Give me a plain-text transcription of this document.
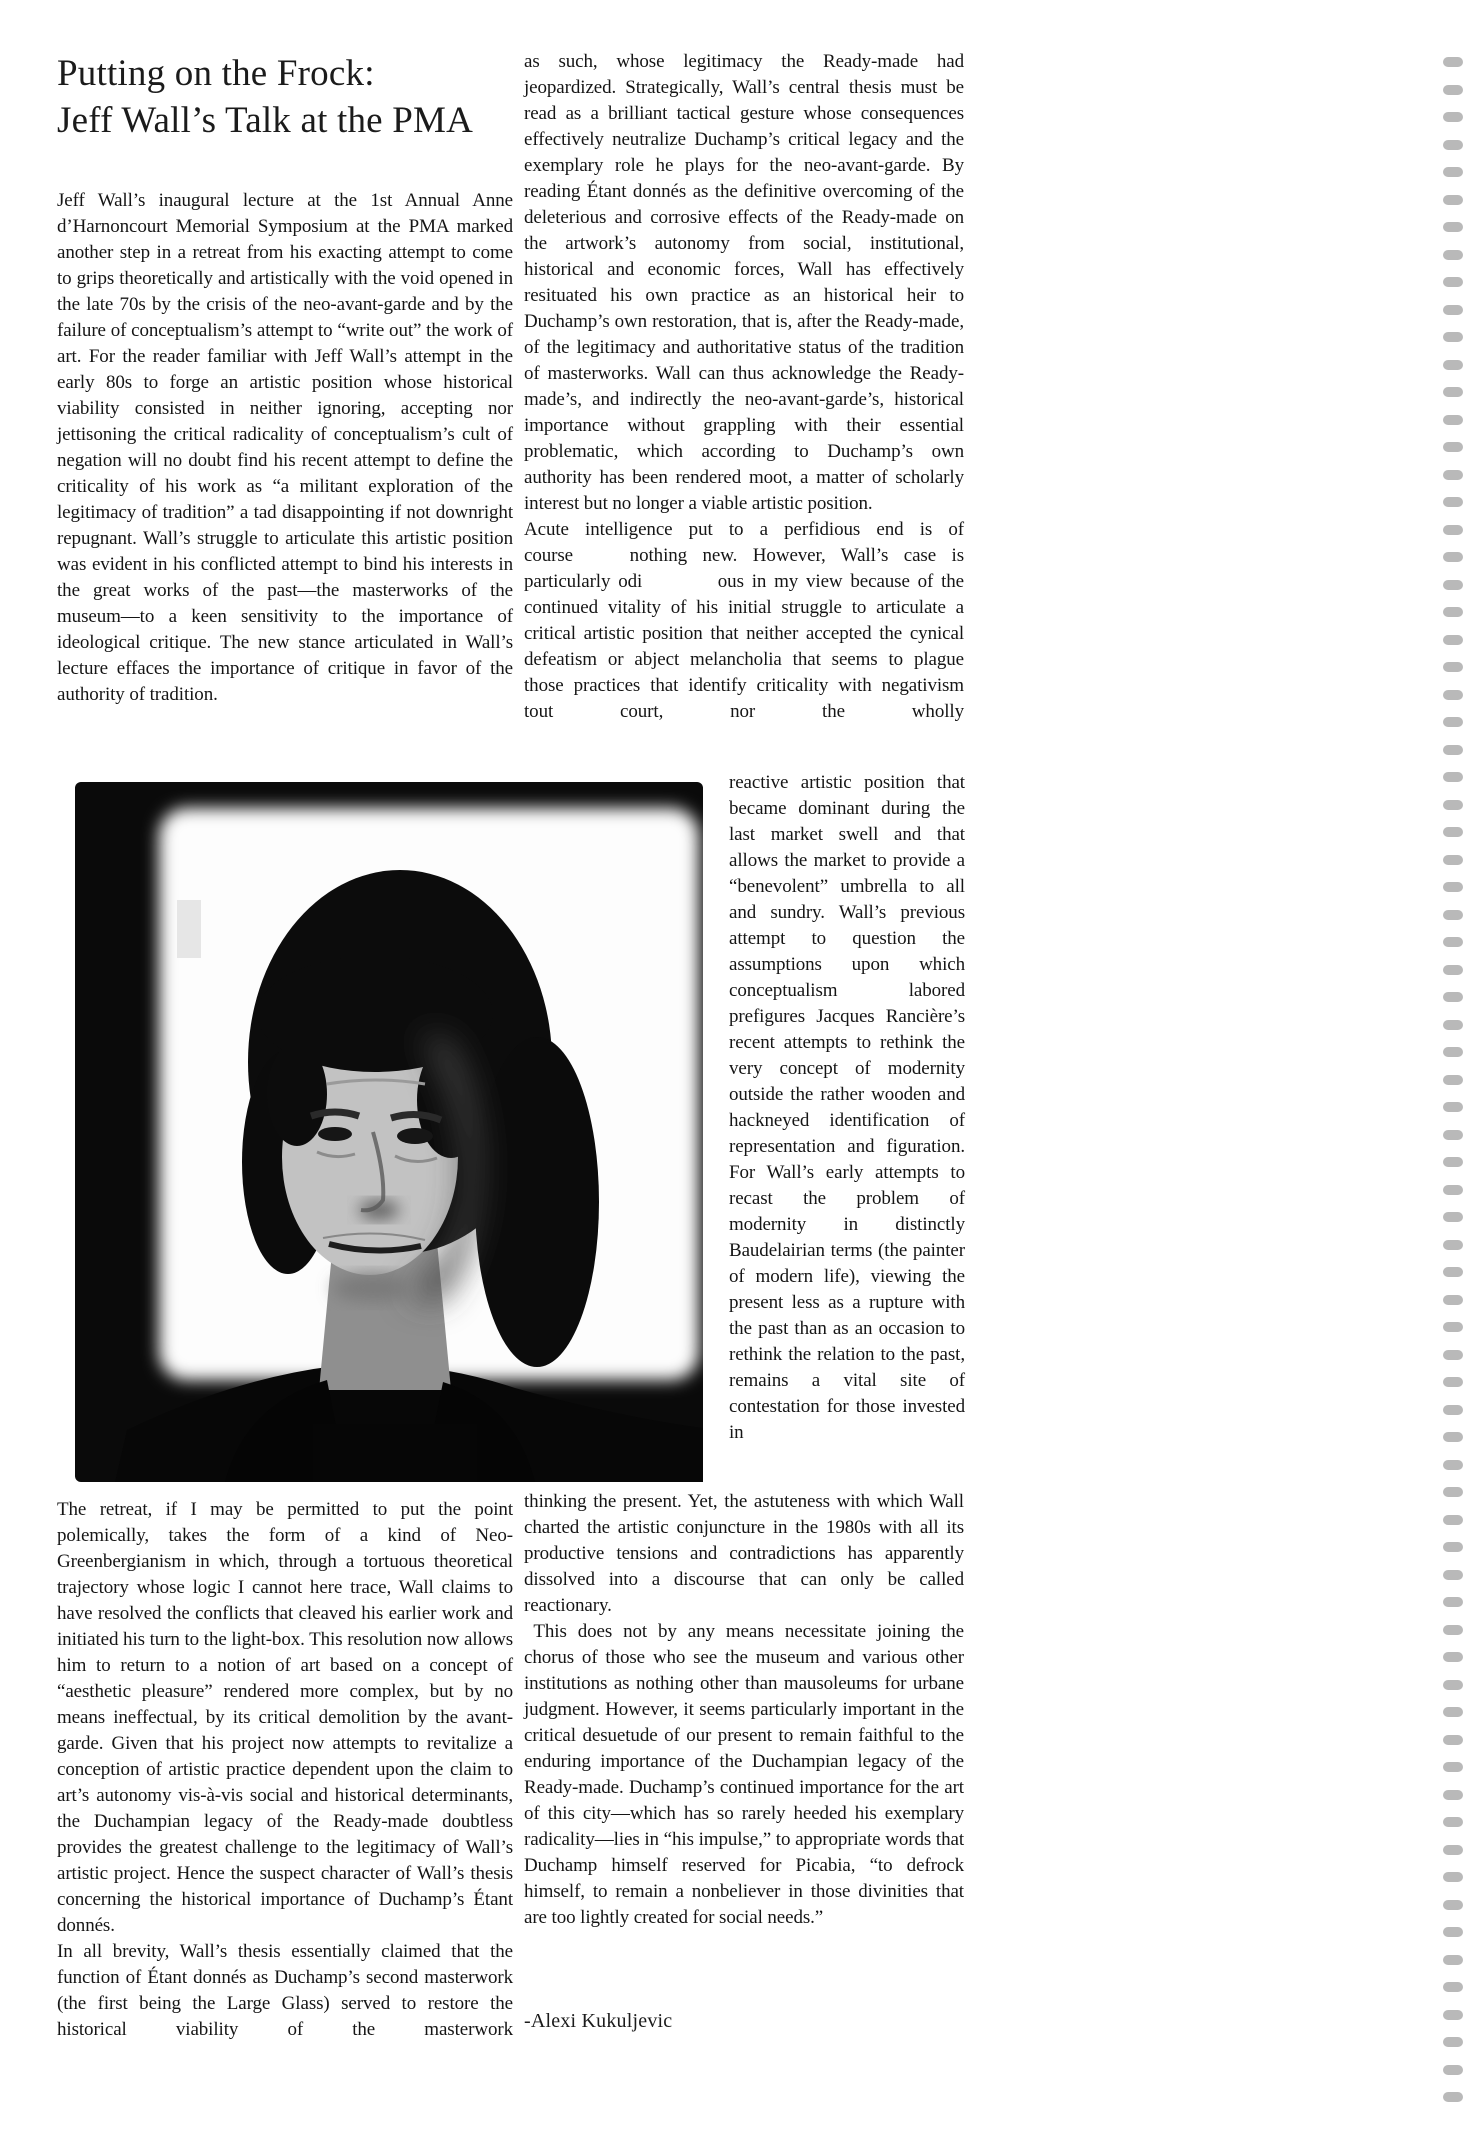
Putting on the Frock:
Jeff Wall’s Talk at the PMA

Jeff Wall’s inaugural lecture at the 1st Annual Anne d’Harnoncourt Memorial Symposium at the PMA marked another step in a retreat from his exacting attempt to come to grips theoretically and artistically with the void opened in the late 70s by the crisis of the neo-avant-garde and by the failure of conceptualism’s attempt to “write out” the work of art. For the reader familiar with Jeff Wall’s attempt in the early 80s to forge an artistic position whose historical viability consisted in neither ignoring, accepting nor jettisoning the critical radicality of conceptualism’s cult of negation will no doubt find his recent attempt to define the criticality of his work as “a militant exploration of the legitimacy of tradition” a tad disappointing if not downright repugnant. Wall’s struggle to articulate this artistic position was evident in his conflicted attempt to bind his interests in the great works of the past—the masterworks of the museum—to a keen sensitivity to the importance of ideological critique. The new stance articulated in Wall’s lecture effaces the importance of critique in favor of the authority of tradition.

The retreat, if I may be permitted to put the point polemically, takes the form of a kind of Neo-Greenbergianism in which, through a tortuous theoretical trajectory whose logic I cannot here trace, Wall claims to have resolved the conflicts that cleaved his earlier work and initiated his turn to the light-box. This resolution now allows him to return to a notion of art based on a concept of “aesthetic pleasure” rendered more complex, but by no means ineffectual, by its critical demolition by the avant-garde. Given that his project now attempts to revitalize a conception of artistic practice dependent upon the claim to art’s autonomy vis-à-vis social and historical determinants, the Duchampian legacy of the Ready-made doubtless provides the greatest challenge to the legitimacy of Wall’s artistic project. Hence the suspect character of Wall’s thesis concerning the historical importance of Duchamp’s Étant donnés.

In all brevity, Wall’s thesis essentially claimed that the function of Étant donnés as Duchamp’s second masterwork (the first being the Large Glass) served to restore the historical viability of the masterwork

as such, whose legitimacy the Ready-made had jeopardized. Strategically, Wall’s central thesis must be read as a brilliant tactical gesture whose consequences effectively neutralize Duchamp’s critical legacy and the exemplary role he plays for the neo-avant-garde. By reading Étant donnés as the definitive overcoming of the deleterious and corrosive effects of the Ready-made on the artwork’s autonomy from social, institutional, historical and economic forces, Wall has effectively resituated his own practice as an historical heir to Duchamp’s own restoration, that is, after the Ready-made, of the legitimacy and authoritative status of the tradition of masterworks. Wall can thus acknowledge the Ready-made’s, and indirectly the neo-avant-garde’s, historical importance without grappling with their essential problematic, which according to Duchamp’s own authority has been rendered moot, a matter of scholarly interest but no longer a viable artistic position.

Acute intelligence put to a perfidious end is of course   nothing new. However, Wall’s case is particularly odi    ous in my view because of the continued vitality of his initial struggle to articulate a critical artistic position that neither accepted the cynical defeatism or abject melancholia that seems to plague those practices that identify criticality with negativism tout court, nor the wholly

reactive artistic position that became dominant during the last market swell and that allows the market to provide a “benevolent” umbrella to all and sundry. Wall’s previous attempt to question the assumptions upon which conceptualism labored prefigures Jacques Rancière’s recent attempts to rethink the very concept of modernity outside the rather wooden and hackneyed identification of representation and figuration. For Wall’s early attempts to recast the problem of modernity in distinctly Baudelairian terms (the painter of modern life), viewing the present less as a rupture with the past than as an occasion to rethink the relation to the past, remains a vital site of contestation for those invested in

thinking the present. Yet, the astuteness with which Wall charted the artistic conjuncture in the 1980s with all its productive tensions and contradictions has apparently dissolved into a discourse that can only be called reactionary.

 This does not by any means necessitate joining the chorus of those who see the museum and various other institutions as nothing other than mausoleums for urbane judgment. However, it seems particularly important in the critical desuetude of our present to remain faithful to the enduring importance of the Duchampian legacy of the Ready-made. Duchamp’s continued importance for the art of this city—which has so rarely heeded his exemplary radicality—lies in “his impulse,” to appropriate words that Duchamp himself reserved for Picabia, “to defrock himself, to remain a nonbeliever in those divinities that are too lightly created for social needs.”

-Alexi Kukuljevic
